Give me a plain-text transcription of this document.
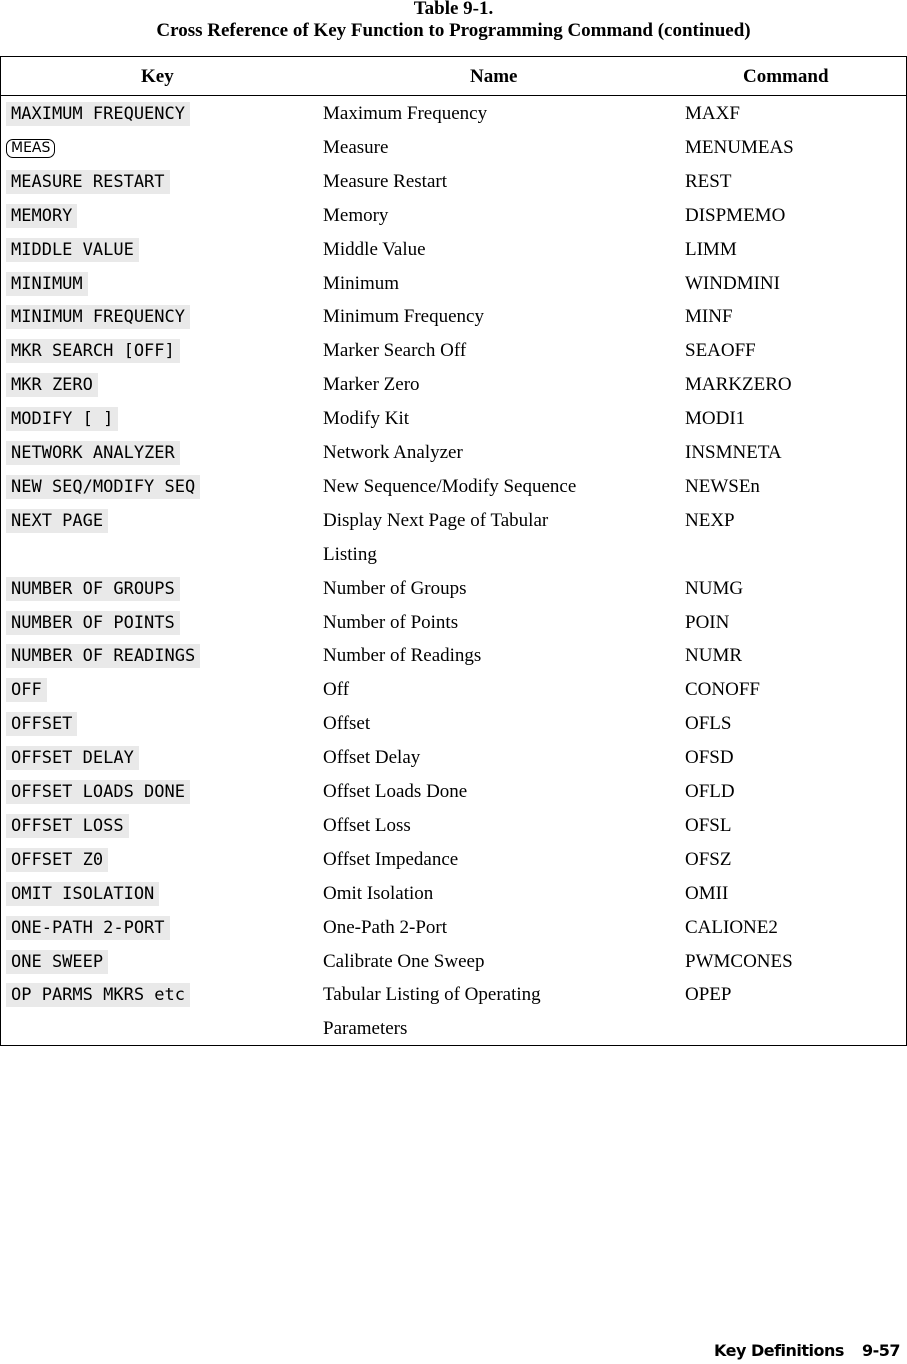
Table 9-1.
Cross Reference of Key Function to Programming Command (continued)
Key	Name	Command
MAXIMUM FREQUENCY	Maximum Frequency	MAXF
MEAS	Measure	MENUMEAS
MEASURE RESTART	Measure Restart	REST
MEMORY	Memory	DISPMEMO
MIDDLE VALUE	Middle Value	LIMM
MINIMUM	Minimum	WINDMINI
MINIMUM FREQUENCY	Minimum Frequency	MINF
MKR SEARCH [OFF]	Marker Search Off	SEAOFF
MKR ZERO	Marker Zero	MARKZERO
MODIFY [ ]	Modify Kit	MODI1
NETWORK ANALYZER	Network Analyzer	INSMNETA
NEW SEQ/MODIFY SEQ	New Sequence/Modify Sequence	NEWSEn
NEXT PAGE	Display Next Page of Tabular	NEXP
Listing
NUMBER OF GROUPS	Number of Groups	NUMG
NUMBER OF POINTS	Number of Points	POIN
NUMBER OF READINGS	Number of Readings	NUMR
OFF	Off	CONOFF
OFFSET	Offset	OFLS
OFFSET DELAY	Offset Delay	OFSD
OFFSET LOADS DONE	Offset Loads Done	OFLD
OFFSET LOSS	Offset Loss	OFSL
OFFSET Z0	Offset Impedance	OFSZ
OMIT ISOLATION	Omit Isolation	OMII
ONE-PATH 2-PORT	One-Path 2-Port	CALIONE2
ONE SWEEP	Calibrate One Sweep	PWMCONES
OP PARMS MKRS etc	Tabular Listing of Operating	OPEP
Parameters
Key Definitions 9-57
